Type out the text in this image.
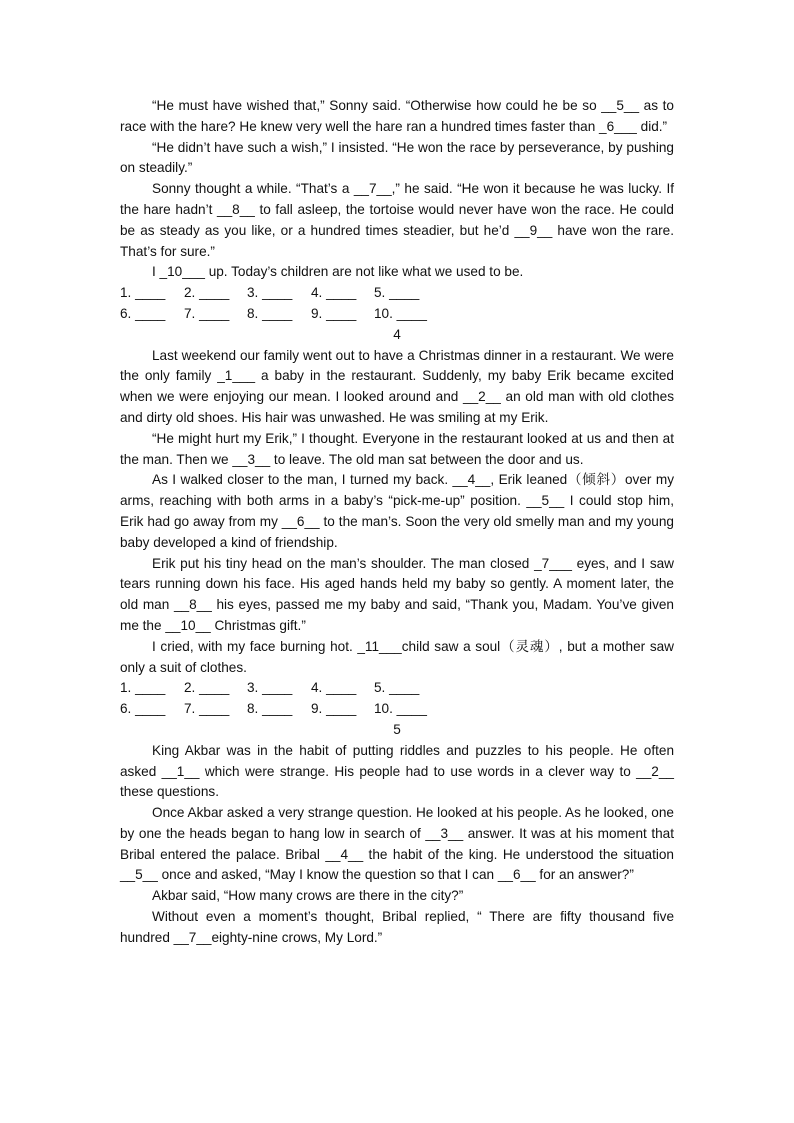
“He must have wished that,” Sonny said. “Otherwise how could he be so __5__ as to race with the hare? He knew very well the hare ran a hundred times faster than _6___ did.”

“He didn’t have such a wish,” I insisted. “He won the race by perseverance, by pushing on steadily.”

Sonny thought a while. “That’s a __7__,” he said. “He won it because he was lucky. If the hare hadn’t __8__ to fall asleep, the tortoise would never have won the race. He could be as steady as you like, or a hundred times steadier, but he’d __9__ have won the rare. That’s for sure.”

I _10___ up. Today’s children are not like what we used to be.

1. ____ 2. ____ 3. ____ 4. ____ 5. ____
6. ____ 7. ____ 8. ____ 9. ____ 10. ____
4

Last weekend our family went out to have a Christmas dinner in a restaurant. We were the only family _1___ a baby in the restaurant. Suddenly, my baby Erik became excited when we were enjoying our mean. I looked around and __2__ an old man with old clothes and dirty old shoes. His hair was unwashed. He was smiling at my Erik.

“He might hurt my Erik,” I thought. Everyone in the restaurant looked at us and then at the man. Then we __3__ to leave. The old man sat between the door and us.

As I walked closer to the man, I turned my back. __4__, Erik leaned（倾斜）over my arms, reaching with both arms in a baby’s “pick-me-up” position. __5__ I could stop him, Erik had go away from my __6__ to the man’s. Soon the very old smelly man and my young baby developed a kind of friendship.

Erik put his tiny head on the man’s shoulder. The man closed _7___ eyes, and I saw tears running down his face. His aged hands held my baby so gently. A moment later, the old man __8__ his eyes, passed me my baby and said, “Thank you, Madam. You’ve given me the __10__ Christmas gift.”

I cried, with my face burning hot. _11___child saw a soul（灵魂）, but a mother saw only a suit of clothes.

1. ____ 2. ____ 3. ____ 4. ____ 5. ____
6. ____ 7. ____ 8. ____ 9. ____ 10. ____
5

King Akbar was in the habit of putting riddles and puzzles to his people. He often asked __1__ which were strange. His people had to use words in a clever way to __2__ these questions.

Once Akbar asked a very strange question. He looked at his people. As he looked, one by one the heads began to hang low in search of __3__ answer. It was at his moment that Bribal entered the palace. Bribal __4__ the habit of the king. He understood the situation __5__ once and asked, “May I know the question so that I can __6__ for an answer?”

Akbar said, “How many crows are there in the city?”

Without even a moment’s thought, Bribal replied, “ There are fifty thousand five hundred __7__eighty-nine crows, My Lord.”
